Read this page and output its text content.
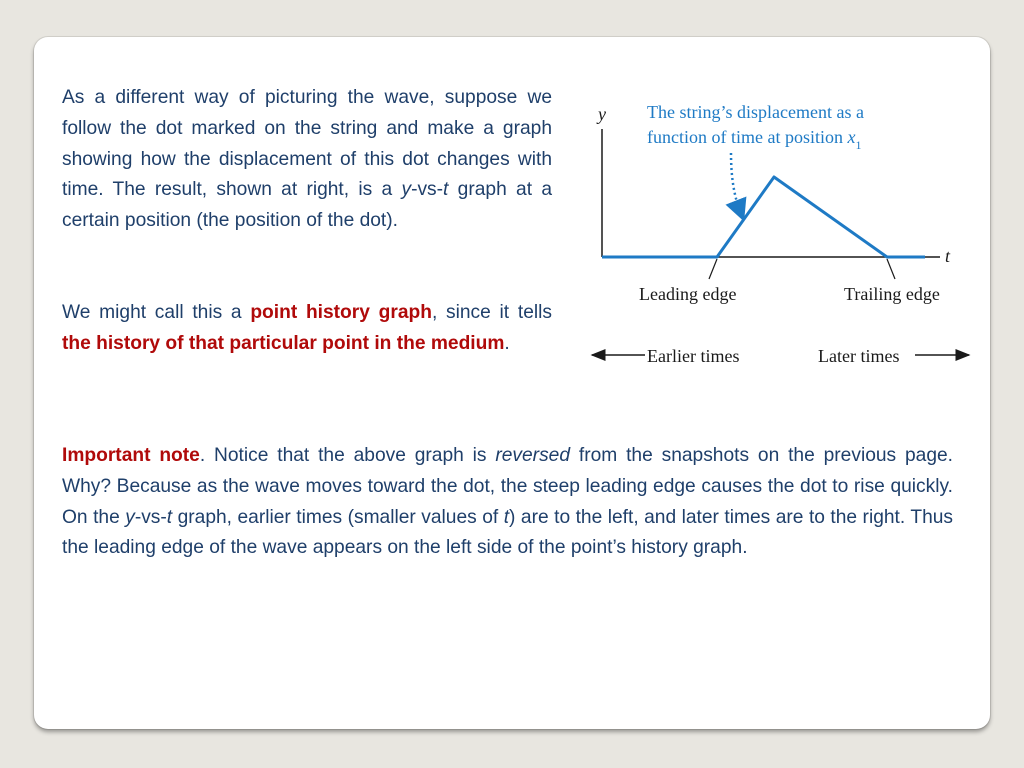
As a different way of picturing the wave, suppose we follow the dot marked on the string and make a graph showing how the displacement of this dot changes with time. The result, shown at right, is a y-vs-t graph at a certain position (the position of the dot).

We might call this a point history graph, since it tells the history of that particular point in the medium.

Important note. Notice that the above graph is reversed from the snapshots on the previous page. Why? Because as the wave moves toward the dot, the steep leading edge causes the dot to rise quickly. On the y-vs-t graph, earlier times (smaller values of t) are to the left, and later times are to the right. Thus the leading edge of the wave appears on the left side of the point’s history graph.

y
t
The string’s displacement as a
function of time at position $x_1$
Leading edge	Trailing edge
Earlier times	Later times
